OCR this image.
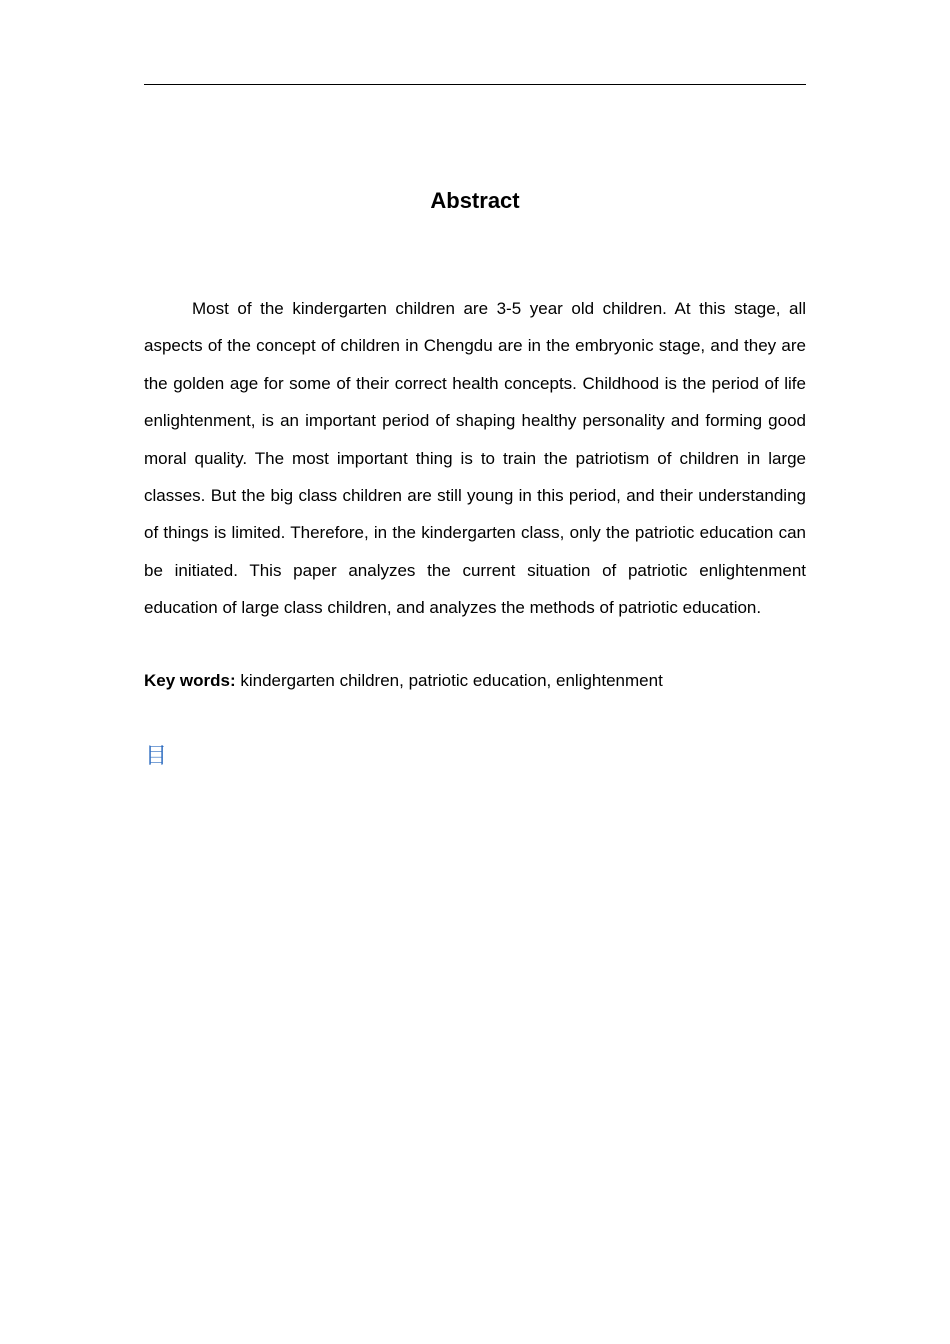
Abstract

Most of the kindergarten children are 3-5 year old children. At this stage, all aspects of the concept of children in Chengdu are in the embryonic stage, and they are the golden age for some of their correct health concepts. Childhood is the period of life enlightenment, is an important period of shaping healthy personality and forming good moral quality. The most important thing is to train the patriotism of children in large classes. But the big class children are still young in this period, and their understanding of things is limited. Therefore, in the kindergarten class, only the patriotic education can be initiated. This paper analyzes the current situation of patriotic enlightenment education of large class children, and analyzes the methods of patriotic education.

Key words: kindergarten children, patriotic education, enlightenment

目
